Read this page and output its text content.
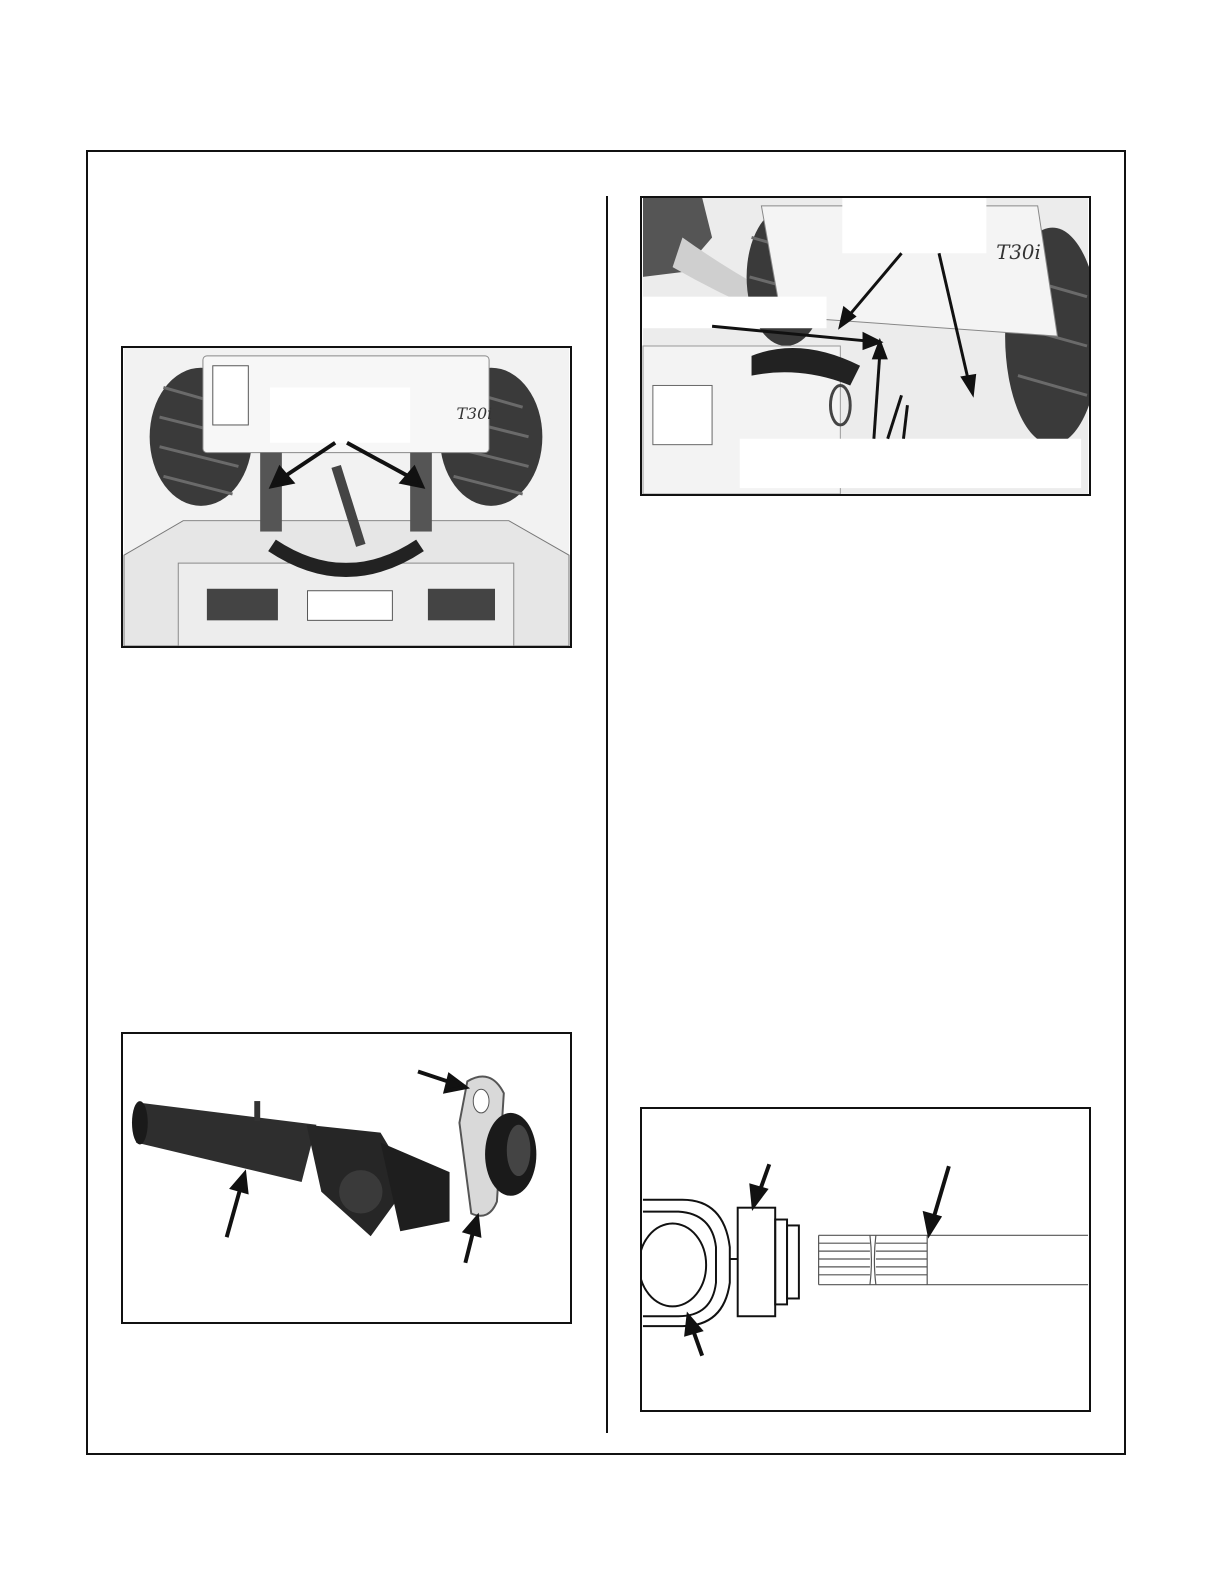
T30i
T30i
